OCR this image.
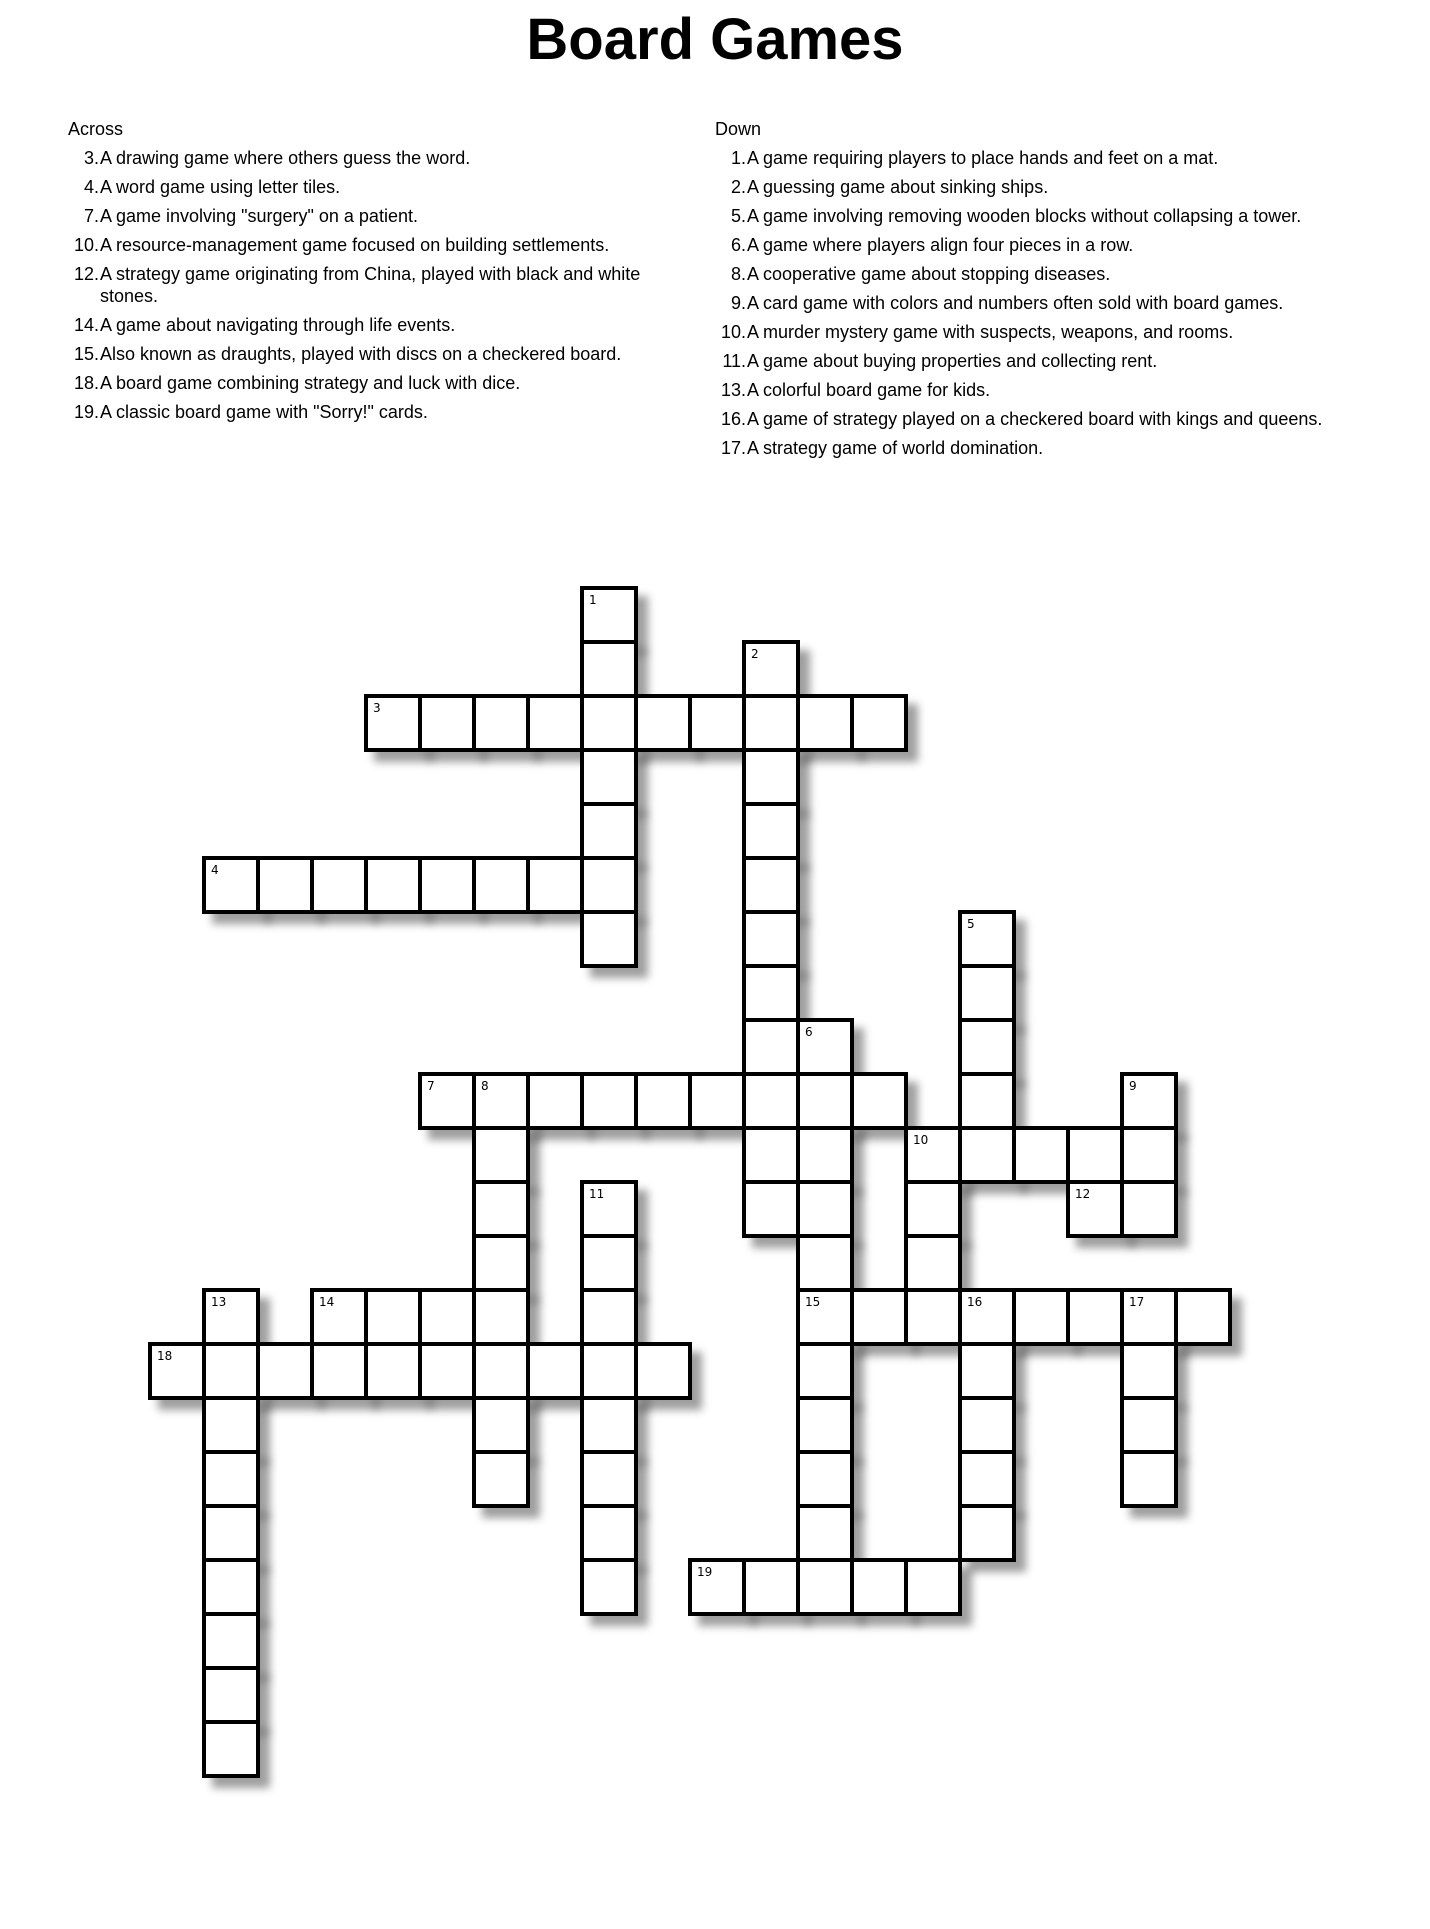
Board Games
Across
3. A drawing game where others guess the word.
4. A word game using letter tiles.
7. A game involving "surgery" on a patient.
10. A resource-management game focused on building settlements.
12. A strategy game originating from China, played with black and white stones.
14. A game about navigating through life events.
15. Also known as draughts, played with discs on a checkered board.
18. A board game combining strategy and luck with dice.
19. A classic board game with "Sorry!" cards.
Down
1. A game requiring players to place hands and feet on a mat.
2. A guessing game about sinking ships.
5. A game involving removing wooden blocks without collapsing a tower.
6. A game where players align four pieces in a row.
8. A cooperative game about stopping diseases.
9. A card game with colors and numbers often sold with board games.
10. A murder mystery game with suspects, weapons, and rooms.
11. A game about buying properties and collecting rent.
13. A colorful board game for kids.
16. A game of strategy played on a checkered board with kings and queens.
17. A strategy game of world domination.
1
2
3
4
5
6
7	8	9
10
11	12
13	14	15	16	17
18
19
